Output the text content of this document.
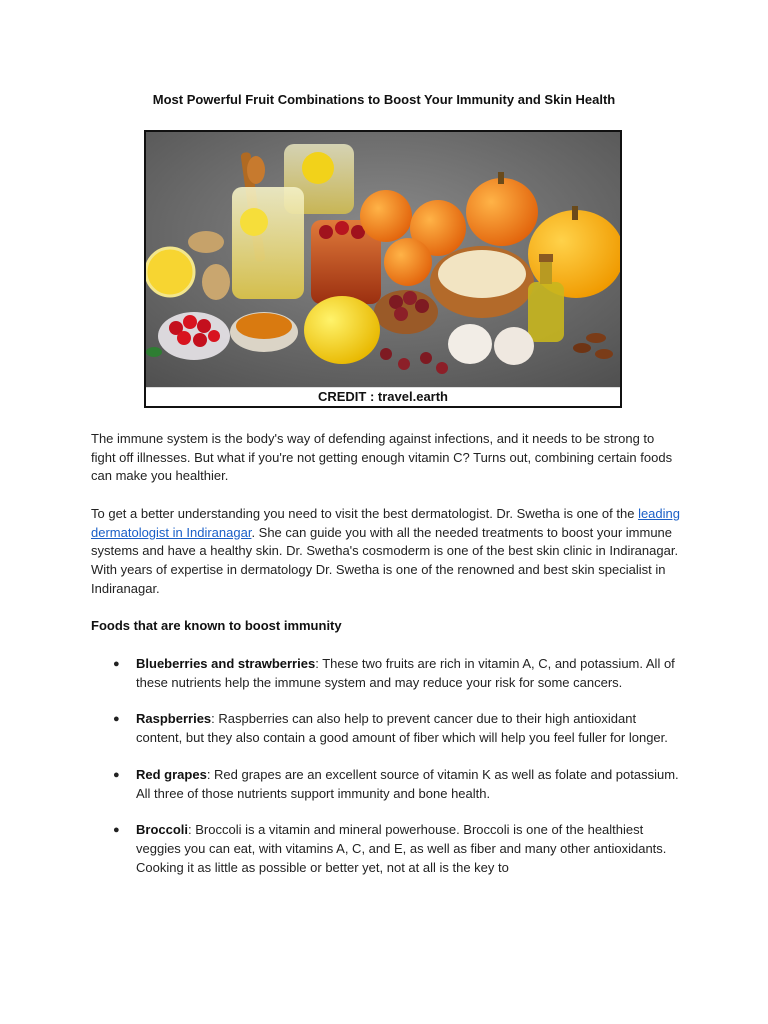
Most Powerful Fruit Combinations to Boost Your Immunity and Skin Health
CREDIT : travel.earth

The immune system is the body's way of defending against infections, and it needs to be strong to fight off illnesses. But what if you're not getting enough vitamin C? Turns out, combining certain foods can make you healthier.

To get a better understanding you need to visit the best dermatologist. Dr. Swetha is one of the leading dermatologist in Indiranagar. She can guide you with all the needed treatments to boost your immune systems and have a healthy skin. Dr. Swetha's cosmoderm is one of the best skin clinic in Indiranagar. With years of expertise in dermatology Dr. Swetha is one of the renowned and best skin specialist in Indiranagar.

Foods that are known to boost immunity
● Blueberries and strawberries: These two fruits are rich in vitamin A, C, and potassium. All of these nutrients help the immune system and may reduce your risk for some cancers.
● Raspberries: Raspberries can also help to prevent cancer due to their high antioxidant content, but they also contain a good amount of fiber which will help you feel fuller for longer.
● Red grapes: Red grapes are an excellent source of vitamin K as well as folate and potassium. All three of those nutrients support immunity and bone health.
● Broccoli: Broccoli is a vitamin and mineral powerhouse. Broccoli is one of the healthiest veggies you can eat, with vitamins A, C, and E, as well as fiber and many other antioxidants. Cooking it as little as possible or better yet, not at all is the key to
